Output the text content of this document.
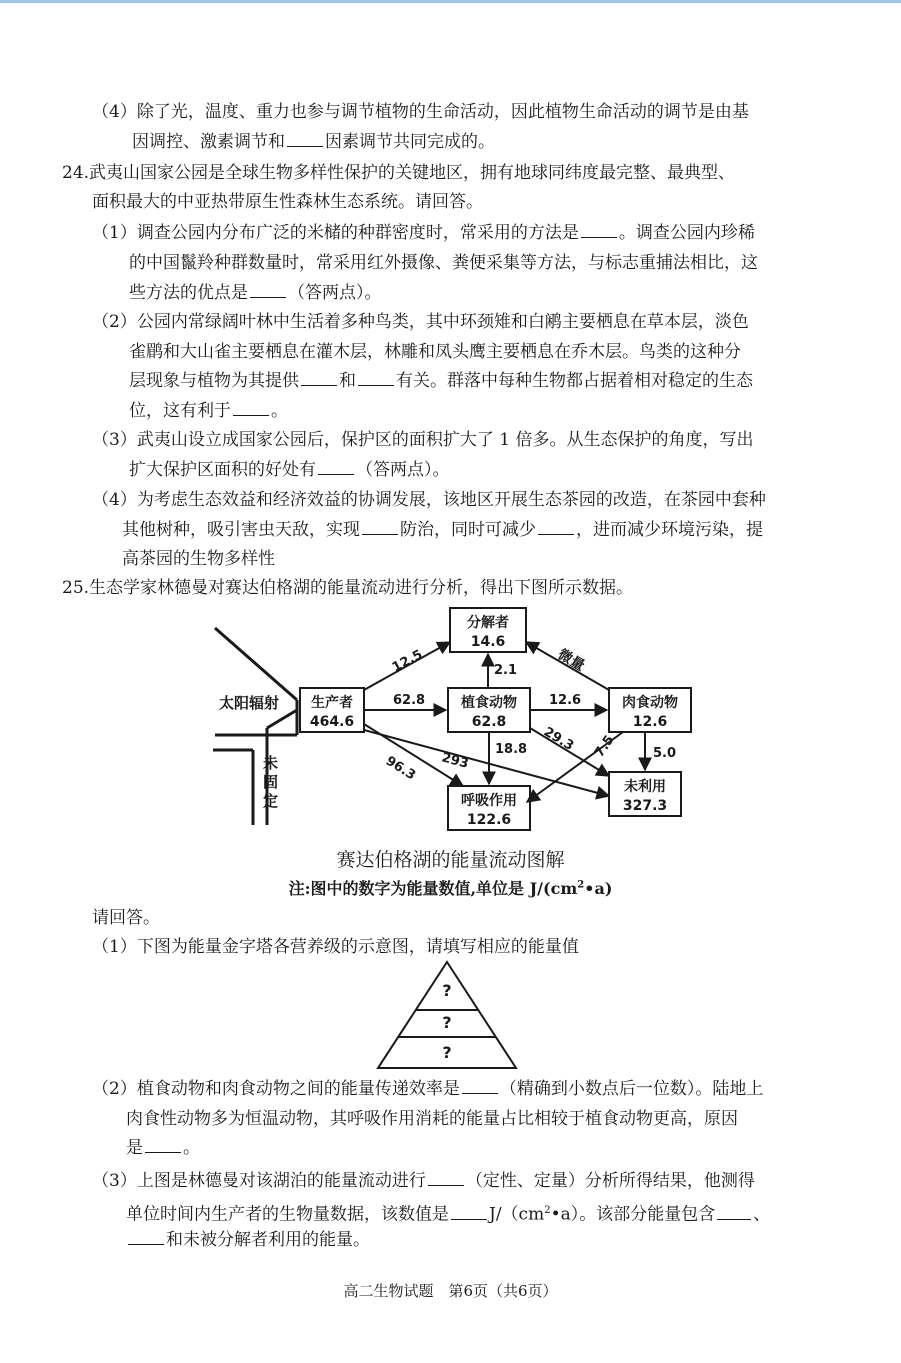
（4）除了光，温度、重力也参与调节植物的生命活动，因此植物生命活动的调节是由基
因调控、激素调节和 因素调节共同完成的。
24.武夷山国家公园是全球生物多样性保护的关键地区，拥有地球同纬度最完整、最典型、
面积最大的中亚热带原生性森林生态系统。请回答。
（1）调查公园内分布广泛的米槠的种群密度时，常采用的方法是 。调查公园内珍稀
的中国鬣羚种群数量时，常采用红外摄像、粪便采集等方法，与标志重捕法相比，这
些方法的优点是 （答两点）。
（2）公园内常绿阔叶林中生活着多种鸟类，其中环颈雉和白鹇主要栖息在草本层，淡色
雀鹛和大山雀主要栖息在灌木层，林雕和凤头鹰主要栖息在乔木层。鸟类的这种分
层现象与植物为其提供 和 有关。群落中每种生物都占据着相对稳定的生态
位，这有利于 。
（3）武夷山设立成国家公园后，保护区的面积扩大了 1 倍多。从生态保护的角度，写出
扩大保护区面积的好处有 （答两点）。
（4）为考虑生态效益和经济效益的协调发展，该地区开展生态茶园的改造，在茶园中套种
其他树种，吸引害虫天敌，实现 防治，同时可减少 ，进而减少环境污染，提
高茶园的生物多样性
25.生态学家林德曼对赛达伯格湖的能量流动进行分析，得出下图所示数据。
太阳辐射
未
固
定
生产者
464.6
植食动物
62.8
肉食动物
12.6
分解者
14.6
呼吸作用
122.6
未利用
327.3
12.5
62.8
96.3 293
2.1
12.6
18.8 29.3
微量
7.5	5.0
赛达伯格湖的能量流动图解
注:图中的数字为能量数值,单位是 $J/(cm^2•a)$
请回答。
（1）下图为能量金字塔各营养级的示意图，请填写相应的能量值
?
?
?
（2）植食动物和肉食动物之间的能量传递效率是 （精确到小数点后一位数）。陆地上
肉食性动物多为恒温动物，其呼吸作用消耗的能量占比相较于植食动物更高，原因
是 。
（3）上图是林德曼对该湖泊的能量流动进行 （定性、定量）分析所得结果，他测得
单位时间内生产者的生物量数据，该数值是 $J/(cm^2•a)$。该部分能量包含 、
和未被分解者利用的能量。
高二生物试题　第6页（共6页）
